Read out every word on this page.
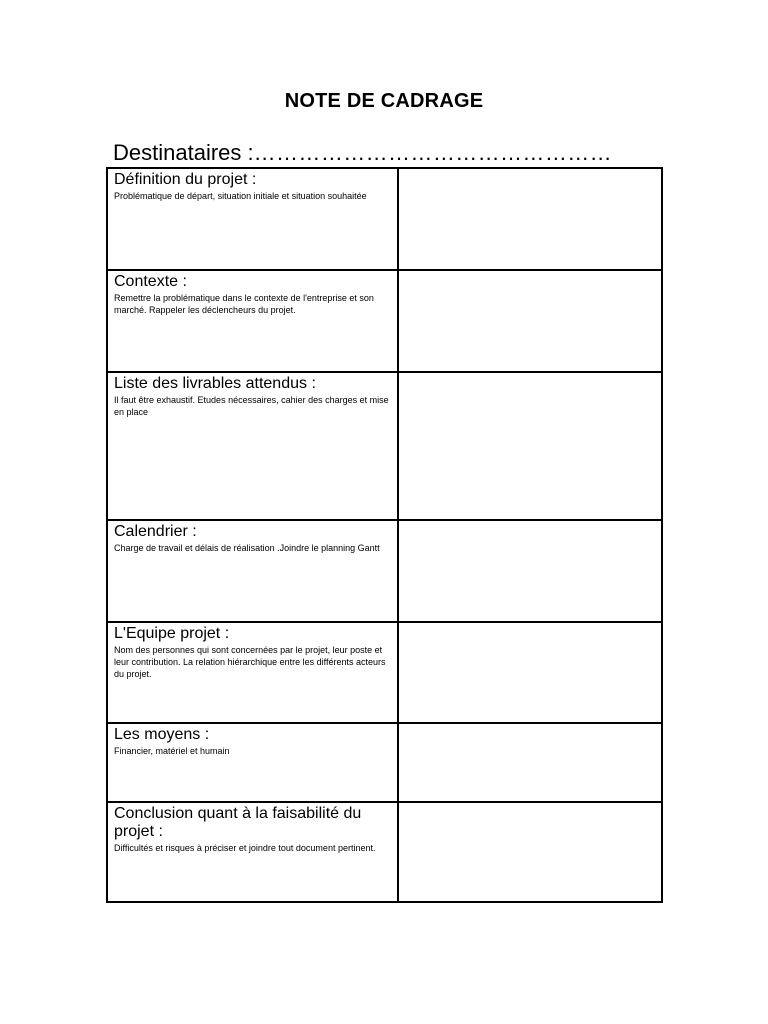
NOTE DE CADRAGE
Destinataires :…………………………………………
Définition du projet :
Problématique de départ, situation initiale et situation souhaitée	

Contexte :
Remettre la problématique dans le contexte de l'entreprise et son marché. Rappeler les déclencheurs du projet.	

Liste des livrables attendus :
Il faut être exhaustif. Etudes nécessaires, cahier des charges et mise en place	

Calendrier :
Charge de travail et délais de réalisation .Joindre le planning Gantt	

L'Equipe projet :
Nom des personnes qui sont concernées par le projet, leur poste et leur contribution. La relation hiérarchique entre les différents acteurs du projet.	

Les moyens :
Financier, matériel et humain	

Conclusion quant à la faisabilité du projet :
Difficultés et risques à préciser et joindre tout document pertinent.	
